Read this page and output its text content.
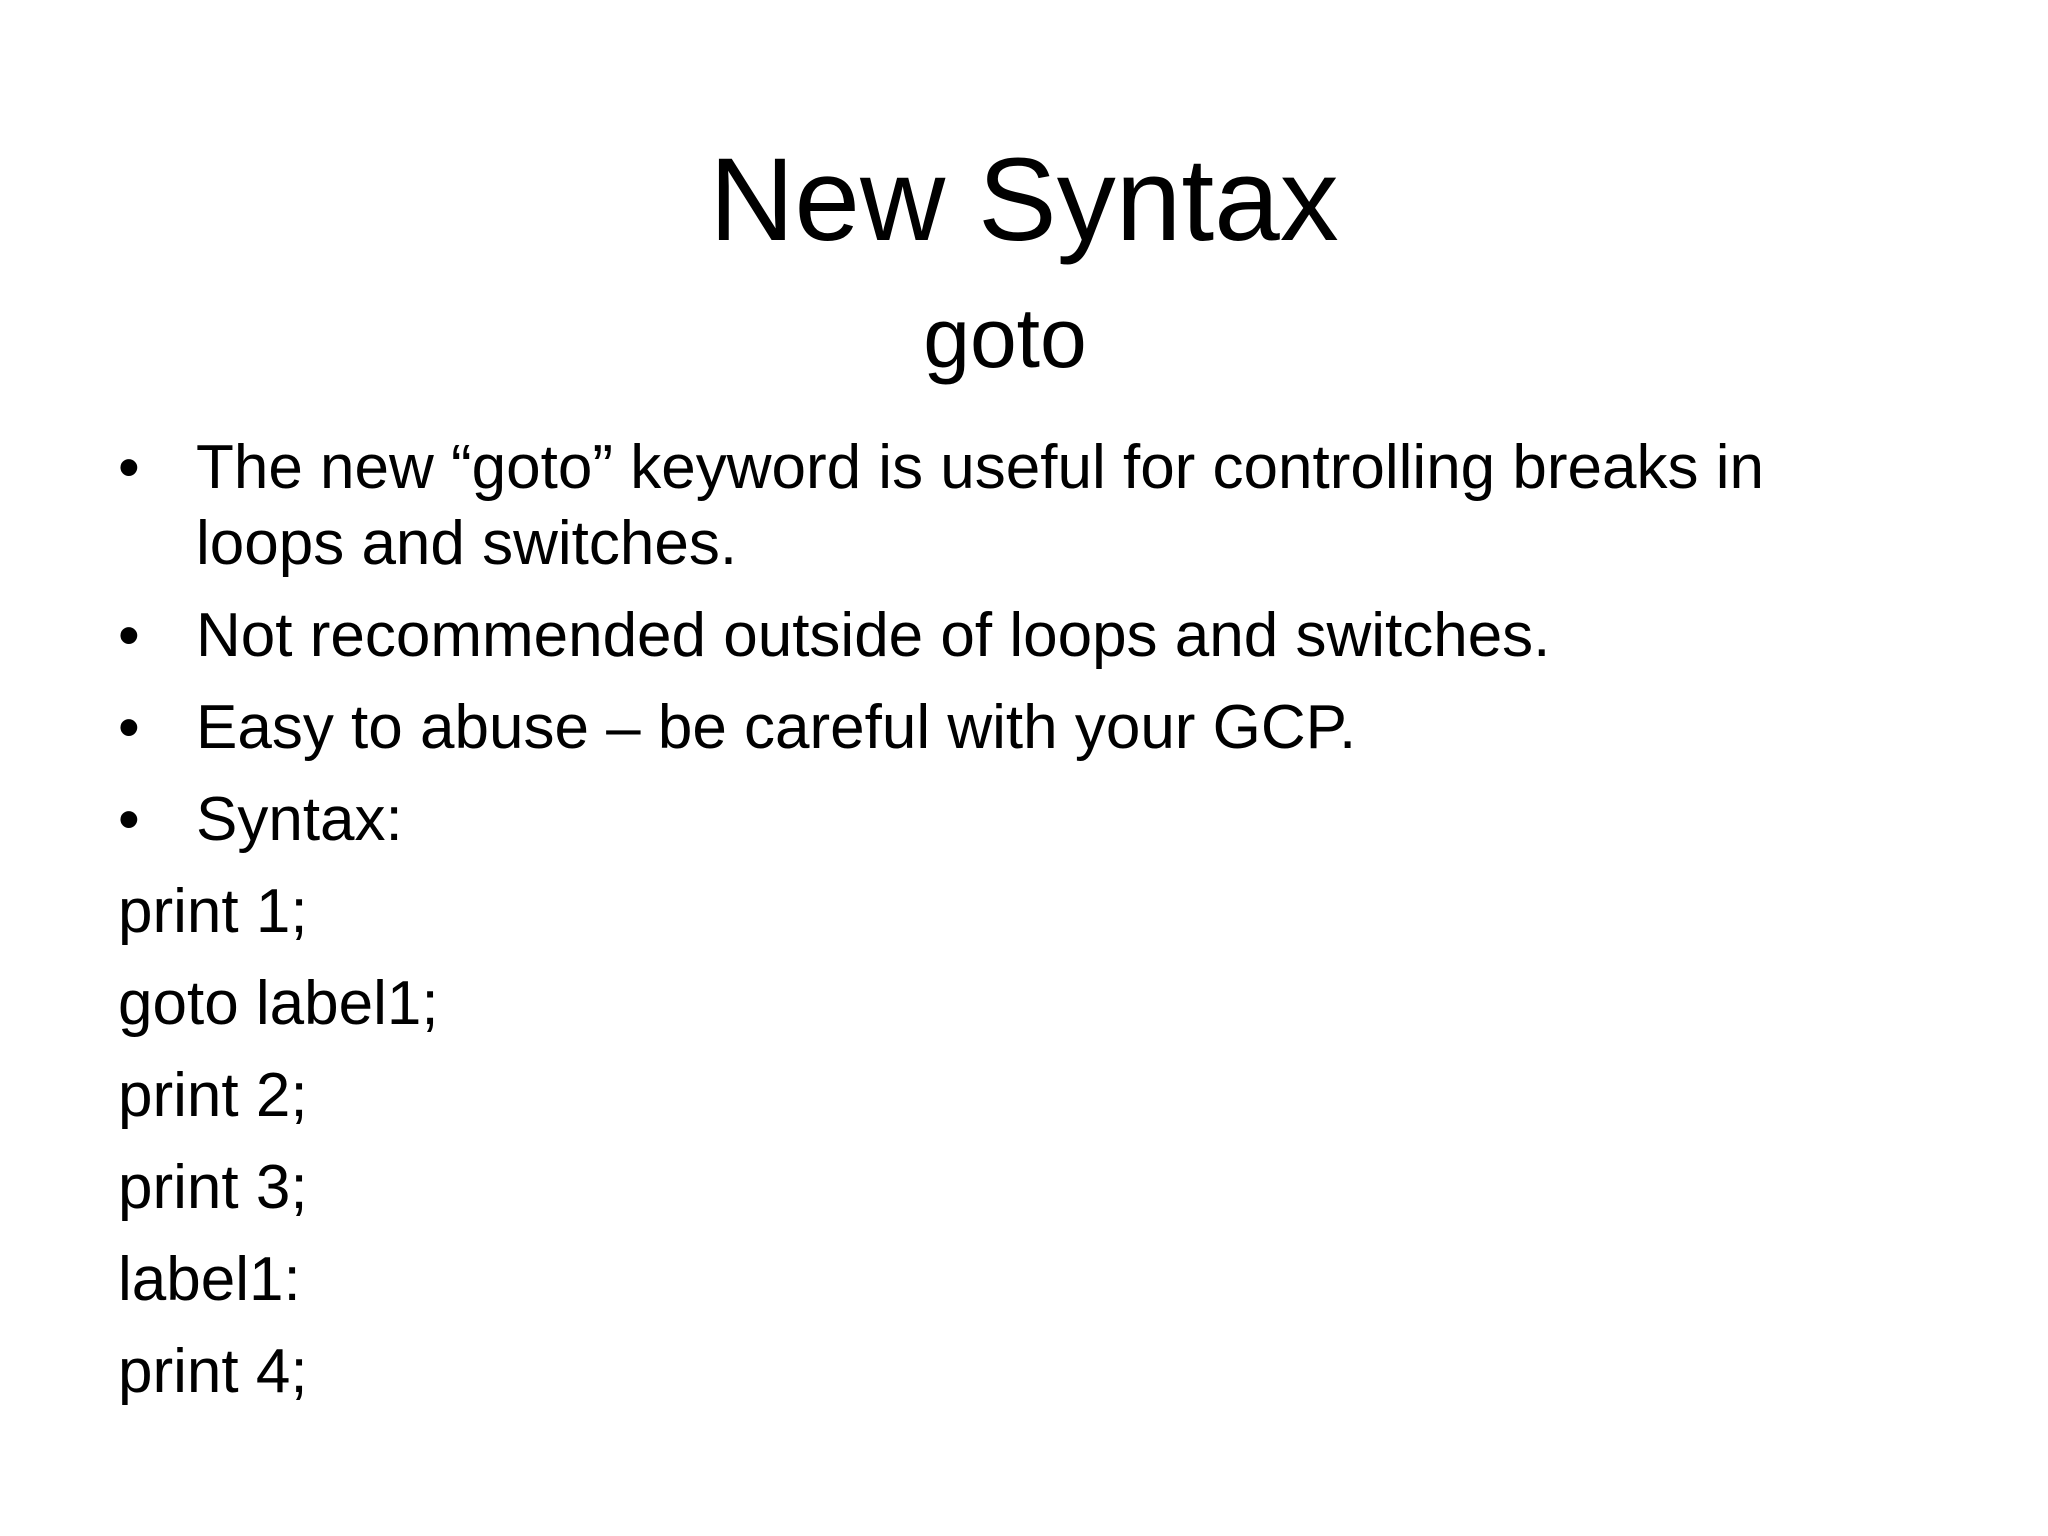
New Syntax
goto
• The new “goto” keyword is useful for controlling breaks in loops and switches.
• Not recommended outside of loops and switches.
• Easy to abuse – be careful with your GCP.
• Syntax:
print 1;
goto label1;
print 2;
print 3;
label1:
print 4;
